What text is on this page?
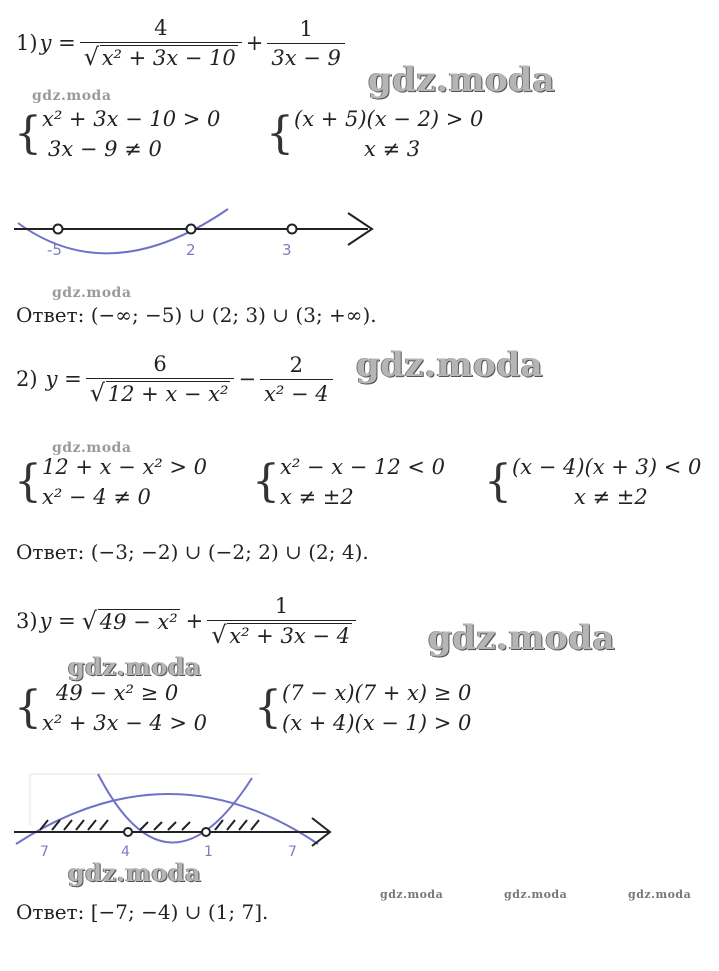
1) y = 4
√ $x^2 + 3x - 10 + \frac{1}{3x - 9}$
gdz.moda
gdz.moda
{ x² + 3x − 10 > 0
3x − 9 ≠ 0	{ (x + 5)(x − 2) > 0
x ≠ 3
-5	2	3
gdz.moda
Ответ: (−∞; −5) ∪ (2; 3) ∪ (3; +∞).
2) y = 6
√ $12 + x - x^2 - \frac{2}{\text{x² − 4}}$ gdz.moda
gdz.moda
{ 12 + x − x² > 0
x² − 4 ≠ 0	{ x² − x − 12 < 0
x ≠ ±2	{ (x − 4)(x + 3) < 0
x ≠ ±2
Ответ: (−3; −2) ∪ (−2; 2) ∪ (2; 4).
3) y =
√	49 − x² + 1
√ x² + 3x − 4 gdz.moda
gdz.moda
{ 49 − x² ≥ 0
x² + 3x − 4 > 0 { (7 − x)(7 + x) ≥ 0
(x + 4)(x − 1) > 0
7	4	1	7
gdz.moda
gdz.moda	gdz.moda	gdz.moda
Ответ: [−7; −4) ∪ (1; 7].
